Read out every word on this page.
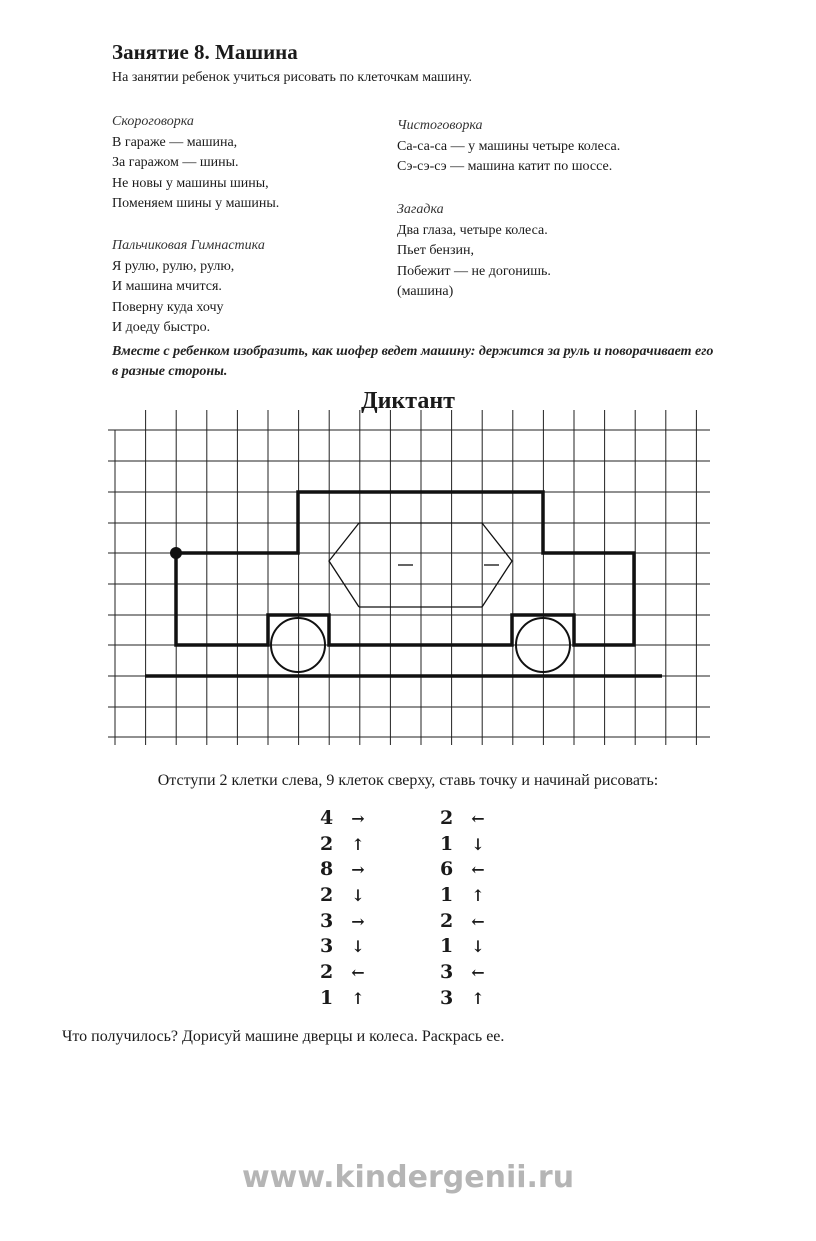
Занятие 8. Машина
На занятии ребенок учиться рисовать по клеточкам машину.
Скороговорка
В гараже — машина,
За гаражом — шины.
Не новы у машины шины,
Поменяем шины у машины.
Пальчиковая Гимнастика
Я рулю, рулю, рулю,
И машина мчится.
Поверну куда хочу
И доеду быстро.
Чистоговорка
Са-са-са — у машины четыре колеса.
Сэ-сэ-сэ — машина катит по шоссе.
Загадка
Два глаза, четыре колеса.
Пьет бензин,
Побежит — не догонишь.
(машина)
Вместе с ребенком изобразить, как шофер ведет машину: держится за руль и поворачивает его в разные стороны.
Диктант
Отступи 2 клетки слева, 9 клеток сверху, ставь точку и начинай рисовать:
4	→
2	↑
8	→
2	↓
3	→
3	↓
2	←
1	↑
2	←
1	↓
6	←
1	↑
2	←
1	↓
3	←
3	↑
Что получилось? Дорисуй машине дверцы и колеса. Раскрась ее.
www.kindergenii.ru
